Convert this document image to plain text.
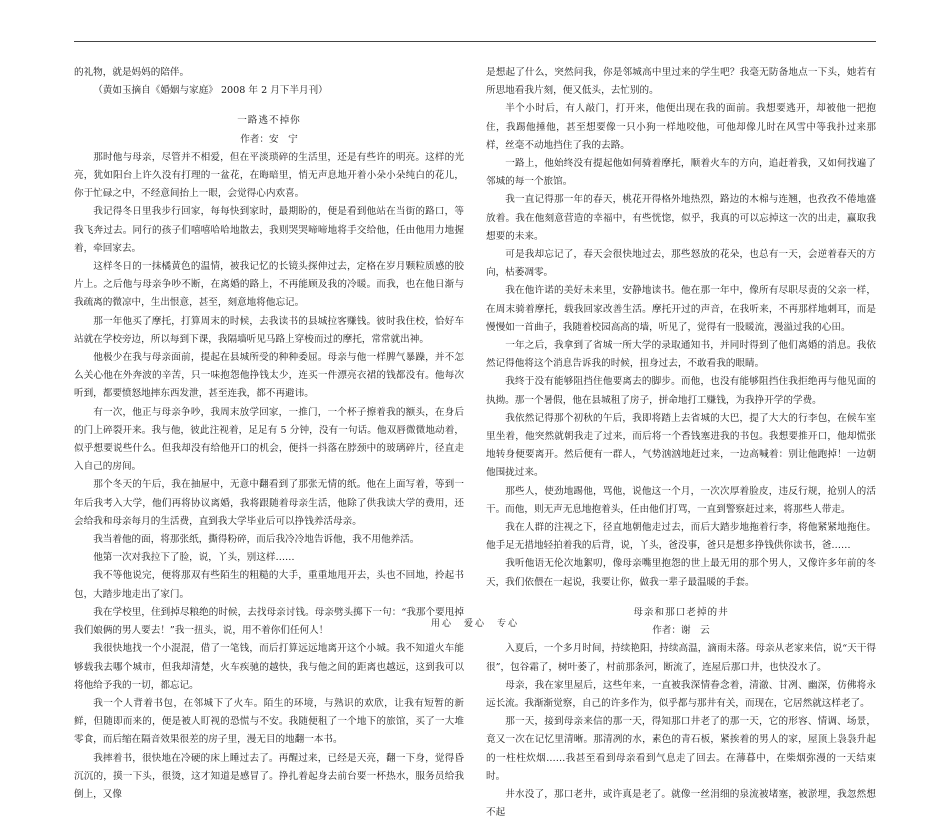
的礼物，就是妈妈的陪伴。

（黄如玉摘自《婚姻与家庭》 2008 年 2 月下半月刊）

一路逃不掉你

作者：安　宁

那时他与母亲，尽管并不相爱，但在平淡琐碎的生活里，还是有些许的明亮。这样的光亮，犹如阳台上许久没有打理的一盆花，在晦暗里，悄无声息地开着小朵小朵纯白的花儿，你于忙碌之中，不经意间抬上一眼，会觉得心内欢喜。

我记得冬日里我步行回家，每每快到家时，最期盼的，便是看到他站在当街的路口，等我飞奔过去。同行的孩子们嘻嘻哈哈地散去，我则哭哭啼啼地将手交给他，任由他用力地握着，牵回家去。

这样冬日的一抹橘黄色的温情，被我记忆的长镜头探伸过去，定格在岁月颗粒质感的胶片上。之后他与母亲争吵不断，在离婚的路上，不再能顾及我的冷暖。而我，也在他日渐与我疏离的微凉中，生出恨意，甚至，刻意地将他忘记。

那一年他买了摩托，打算周末的时候，去我读书的县城拉客赚钱。彼时我住校，恰好车站就在学校旁边，所以每到下课，我隔墙听见马路上穿梭而过的摩托，常常就出神。

他极少在我与母亲面前，提起在县城所受的种种委屈。母亲与他一样脾气暴躁，并不怎么关心他在外奔波的辛苦，只一味抱怨他挣钱太少，连买一件漂亮衣裙的钱都没有。他每次听到，都要愤怒地摔东西发泄，甚至连我，都不再避讳。

有一次，他正与母亲争吵，我周末放学回家，一推门，一个杯子擦着我的额头，在身后的门上碎裂开来。我与他，彼此注视着，足足有 5 分钟，没有一句话。他双唇微微地动着，似乎想要说些什么。但我却没有给他开口的机会，便抖一抖落在脖颈中的玻璃碎片，径直走入自己的房间。

那个冬天的午后，我在抽屉中，无意中翻看到了那张无情的纸。他在上面写着，等到一年后我考入大学，他们再将协议离婚，我将跟随着母亲生活，他除了供我读大学的费用，还会给我和母亲每月的生活费，直到我大学毕业后可以挣钱养活母亲。

我当着他的面，将那张纸，撕得粉碎，而后我冷冷地告诉他，我不用他养活。

他第一次对我拉下了脸，说，丫头，别这样……

我不等他说完，便将那双有些陌生的粗糙的大手，重重地甩开去，头也不回地，拎起书包，大踏步地走出了家门。

我在学校里，住到掉尽粮绝的时候，去找母亲讨钱。母亲劈头掷下一句：“我那个要甩掉我们娘俩的男人要去！”我一扭头，说，用不着你们任何人！

我很快地找一个小混混，借了一笔钱，而后打算远远地离开这个小城。我不知道火车能够载我去哪个城市，但我却清楚，火车疾驰的越快，我与他之间的距离也越远，这到我可以将他给予我的一切，都忘记。

我一个人背着书包，在邻城下了火车。陌生的环境，与熟识的欢欣，让我有短暂的新鲜，但随即而来的，便是被人盯视的恐慌与不安。我随便租了一个地下的旅馆，买了一大堆零食，而后缩在隔音效果很差的房子里，漫无目的地翻一本书。

我摔着书，很快地在冷硬的床上睡过去了。再醒过来，已经是天亮，翻一下身，觉得昏沉沉的，摸一下头，很烫，这才知道是感冒了。挣扎着起身去前台要一杯热水，服务员给我倒上，又像

是想起了什么，突然问我，你是邻城高中里过来的学生吧？我毫无防备地点一下头，她若有所思地看我片刻，便又低头，去忙别的。

半个小时后，有人敲门，打开来，他便出现在我的面前。我想要逃开，却被他一把抱住，我踢他捶他，甚至想要像一只小狗一样地咬他，可他却像儿时在风雪中等我扑过来那样，丝毫不动地挡住了我的去路。

一路上，他始终没有提起他如何骑着摩托，顺着火车的方向，追赶着我，又如何找遍了邻城的每一个旅馆。

我一直记得那一年的春天，桃花开得格外地热烈，路边的木棉与连翘，也孜孜不倦地盛放着。我在他刻意营造的幸福中，有些恍惚，似乎，我真的可以忘掉这一次的出走，赢取我想要的未来。

可是我却忘记了，春天会很快地过去，那些怒放的花朵，也总有一天，会逆着春天的方向，枯萎凋零。

我在他许诺的美好未来里，安静地读书。他在那一年中，像所有尽职尽责的父亲一样，在周末骑着摩托，载我回家改善生活。摩托开过的声音，在我听来，不再那样地刺耳，而是慢慢如一首曲子，我随着校园高高的墙，听见了，觉得有一股暖流，漫溢过我的心田。

一年之后，我拿到了省城一所大学的录取通知书，并同时得到了他们离婚的消息。我依然记得他将这个消息告诉我的时候，扭身过去，不敢看我的眼睛。

我终于没有能够阻挡住他要离去的脚步。而他，也没有能够阻挡住我拒绝再与他见面的执拗。那一个暑假，他在县城租了房子，拼命地打工赚钱，为我挣开学的学费。

我依然记得那个初秋的午后，我即将踏上去省城的大巴，提了大大的行李包，在候车室里坐着，他突然就朝我走了过来，而后将一个香钱塞进我的书包。我想要推开口，他却慌张地转身便要离开。然后便有一群人，气势汹汹地赶过来，一边高喊着：别让他跑掉！一边朝他围拢过来。

那些人，使劲地踢他，骂他，说他这一个月，一次次厚着脸皮，违反行规，抢别人的活干。而他，则无声无息地抱着头，任由他们打骂，一直到警察赶过来，将那些人带走。

我在人群的注视之下，径直地朝他走过去，而后大踏步地拖着行李，将他紧紧地拖住。他手足无措地轻拍着我的后背，说，丫头，爸没事，爸只是想多挣钱供你读书，爸……

我听他语无伦次地絮叨，像母亲嘴里抱怨的世上最无用的那个男人，又像许多年前的冬天，我们依偎在一起说，我要让你，做我一辈子最温暖的手套。

母亲和那口老掉的井

作者：谢　云

入夏后，一个多月时间，持续艳阳，持续高温，滴雨未落。母亲从老家来信，说“天干得很”，包谷霜了，树叶萎了，村前那条河，断流了，连屋后那口井，也快没水了。

母亲，我在家里屋后，这些年来，一直被我深情眷念着，清澈、甘冽、幽深，仿佛将永远长流。我渐渐觉察，自己的许多作为，似乎都与那井有关，而现在，它居然就这样老了。

那一天，接到母亲来信的那一天，得知那口井老了的那一天，它的形容、情调、场景，竟又一次在记忆里清晰。那清冽的水，素色的青石板，紧挨着的男人的家，屋顶上袅袅升起的一柱柱炊烟……我甚至看到母亲看到气息走了回去。在薄暮中，在柴烟弥漫的一天结束时。

井水没了，那口老井，或许真是老了。就像一丝涓细的泉流被堵塞，被淤埋，我忽然想不起

用心　爱心　专心
